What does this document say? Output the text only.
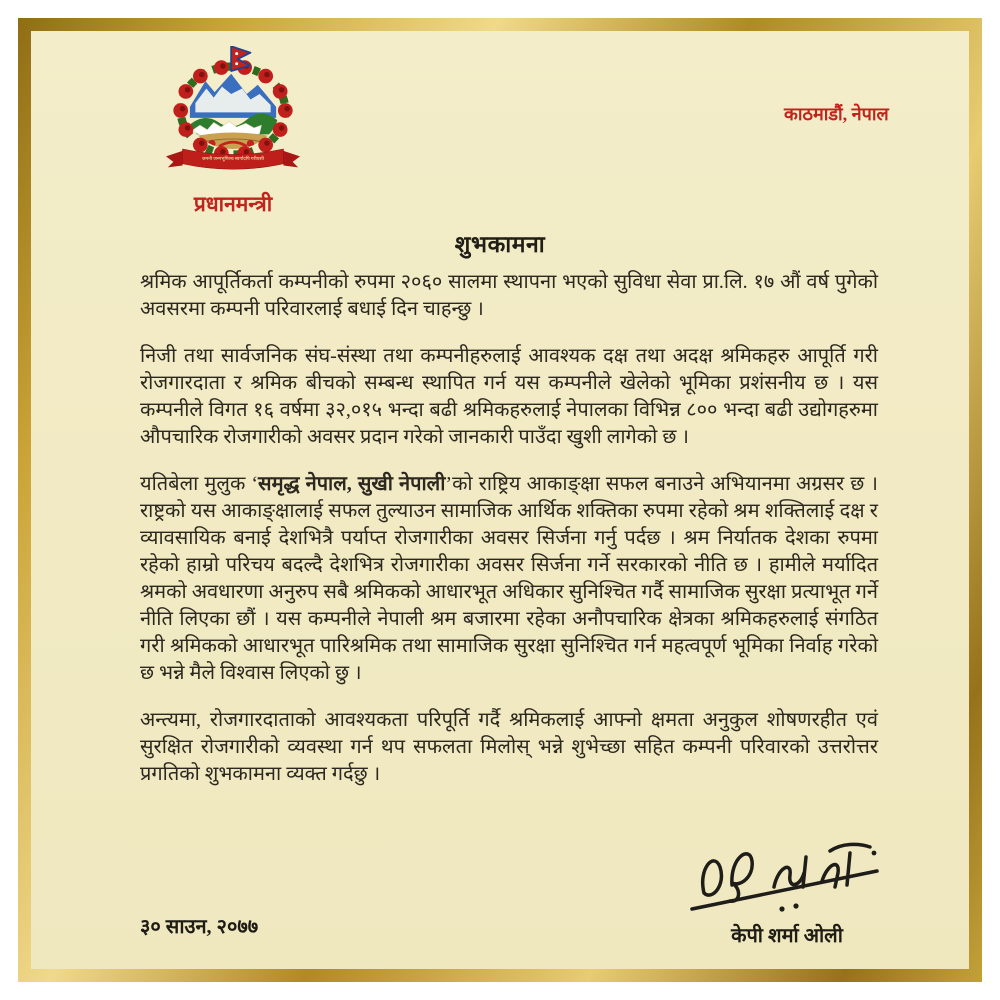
जननी जन्मभूमिश्च स्वर्गादपि गरीयसी
प्रधानमन्त्री
काठमाडौं, नेपाल
शुभकामना

श्रमिक आपूर्तिकर्ता कम्पनीको रुपमा २०६० सालमा स्थापना भएको सुविधा सेवा प्रा.लि. १७ औं वर्ष पुगेको अवसरमा कम्पनी परिवारलाई बधाई दिन चाहन्छु ।

निजी तथा सार्वजनिक संघ-संस्था तथा कम्पनीहरुलाई आवश्यक दक्ष तथा अदक्ष श्रमिकहरु आपूर्ति गरी रोजगारदाता र श्रमिक बीचको सम्बन्ध स्थापित गर्न यस कम्पनीले खेलेको भूमिका प्रशंसनीय छ । यस कम्पनीले विगत १६ वर्षमा ३२,०१५ भन्दा बढी श्रमिकहरुलाई नेपालका विभिन्न ८०० भन्दा बढी उद्योगहरुमा औपचारिक रोजगारीको अवसर प्रदान गरेको जानकारी पाउँदा खुशी लागेको छ ।

यतिबेला मुलुक ‘समृद्ध नेपाल, सुखी नेपाली’को राष्ट्रिय आकाङ्क्षा सफल बनाउने अभियानमा अग्रसर छ । राष्ट्रको यस आकाङ्क्षालाई सफल तुल्याउन सामाजिक आर्थिक शक्तिका रुपमा रहेको श्रम शक्तिलाई दक्ष र व्यावसायिक बनाई देशभित्रै पर्याप्त रोजगारीका अवसर सिर्जना गर्नु पर्दछ । श्रम निर्यातक देशका रुपमा रहेको हाम्रो परिचय बदल्दै देशभित्र रोजगारीका अवसर सिर्जना गर्ने सरकारको नीति छ । हामीले मर्यादित श्रमको अवधारणा अनुरुप सबै श्रमिकको आधारभूत अधिकार सुनिश्चित गर्दै सामाजिक सुरक्षा प्रत्याभूत गर्ने नीति लिएका छौं । यस कम्पनीले नेपाली श्रम बजारमा रहेका अनौपचारिक क्षेत्रका श्रमिकहरुलाई संगठित गरी श्रमिकको आधारभूत पारिश्रमिक तथा सामाजिक सुरक्षा सुनिश्चित गर्न महत्वपूर्ण भूमिका निर्वाह गरेको छ भन्ने मैले विश्वास लिएको छु ।

अन्त्यमा, रोजगारदाताको आवश्यकता परिपूर्ति गर्दै श्रमिकलाई आफ्नो क्षमता अनुकुल शोषणरहीत एवं सुरक्षित रोजगारीको व्यवस्था गर्न थप सफलता मिलोस् भन्ने शुभेच्छा सहित कम्पनी परिवारको उत्तरोत्तर प्रगतिको शुभकामना व्यक्त गर्दछु ।

केपी शर्मा ओली
३० साउन, २०७७
